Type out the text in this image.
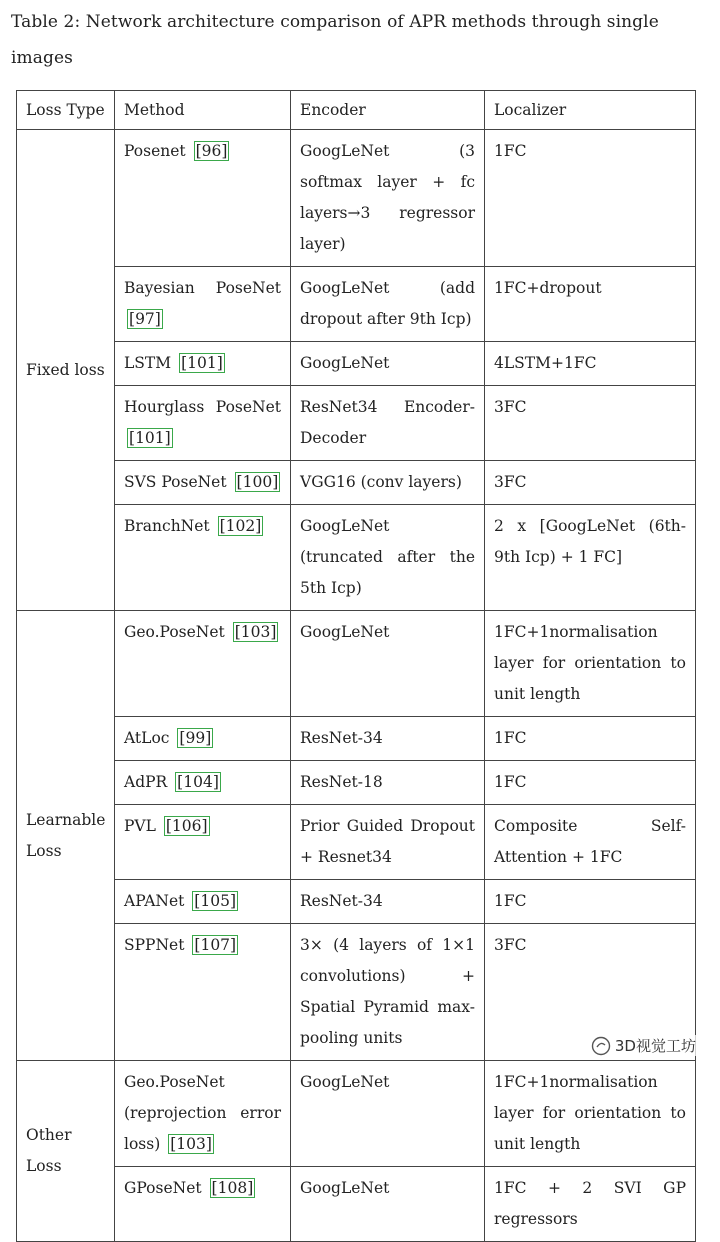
Table 2: Network architecture comparison of APR methods through single images
Loss Type	Method	Encoder	Localizer
Fixed loss	Posenet [96]	GoogLeNet (3 softmax layer + fc layers→3 regressor layer)	1FC
	Bayesian PoseNet [97]	GoogLeNet (add dropout after 9th Icp)	1FC+dropout
	LSTM [101]	GoogLeNet	4LSTM+1FC
	Hourglass PoseNet [101]	ResNet34 Encoder-Decoder	3FC
	SVS PoseNet [100]	VGG16 (conv layers)	3FC
	BranchNet [102]	GoogLeNet (truncated after the 5th Icp)	2 x [GoogLeNet (6th-9th Icp) + 1 FC]
Learnable Loss	Geo.PoseNet [103]	GoogLeNet	1FC+1normalisation layer for orientation to unit length
	AtLoc [99]	ResNet-34	1FC
	AdPR [104]	ResNet-18	1FC
	PVL [106]	Prior Guided Dropout + Resnet34	Composite Self-Attention + 1FC
	APANet [105]	ResNet-34	1FC
	SPPNet [107]	3× (4 layers of 1×1 convolutions) + Spatial Pyramid max-pooling units	3FC
Other Loss	Geo.PoseNet (reprojection error loss) [103]	GoogLeNet	1FC+1normalisation layer for orientation to unit length
	GPoseNet [108]	GoogLeNet	1FC + 2 SVI GP regressors
3D视觉工坊
